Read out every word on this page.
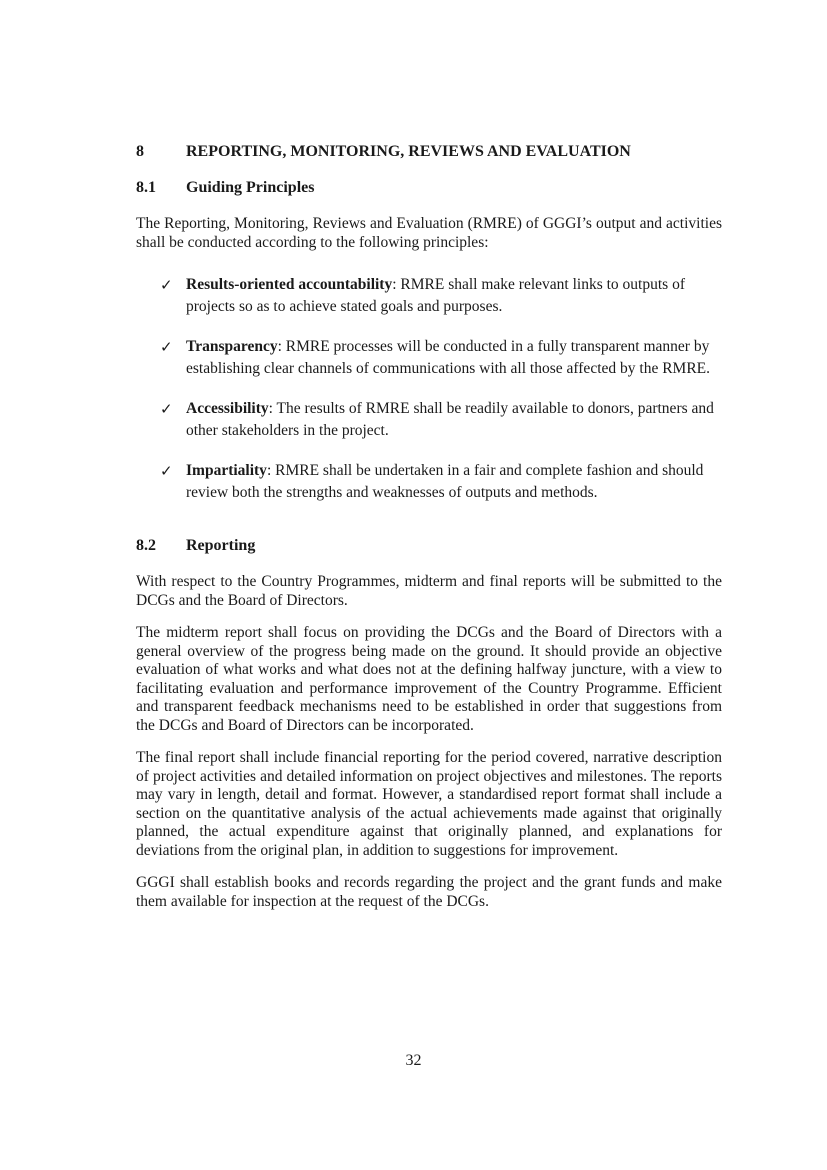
8	REPORTING, MONITORING, REVIEWS AND EVALUATION
8.1	Guiding Principles

The Reporting, Monitoring, Reviews and Evaluation (RMRE) of GGGI’s output and activities shall be conducted according to the following principles:

✓ Results-oriented accountability: RMRE shall make relevant links to outputs of projects so as to achieve stated goals and purposes.
✓ Transparency: RMRE processes will be conducted in a fully transparent manner by establishing clear channels of communications with all those affected by the RMRE.
✓ Accessibility: The results of RMRE shall be readily available to donors, partners and other stakeholders in the project.
✓ Impartiality: RMRE shall be undertaken in a fair and complete fashion and should review both the strengths and weaknesses of outputs and methods.
8.2	Reporting

With respect to the Country Programmes, midterm and final reports will be submitted to the DCGs and the Board of Directors.

The midterm report shall focus on providing the DCGs and the Board of Directors with a general overview of the progress being made on the ground. It should provide an objective evaluation of what works and what does not at the defining halfway juncture, with a view to facilitating evaluation and performance improvement of the Country Programme. Efficient and transparent feedback mechanisms need to be established in order that suggestions from the DCGs and Board of Directors can be incorporated.

The final report shall include financial reporting for the period covered, narrative description of project activities and detailed information on project objectives and milestones. The reports may vary in length, detail and format. However, a standardised report format shall include a section on the quantitative analysis of the actual achievements made against that originally planned, the actual expenditure against that originally planned, and explanations for deviations from the original plan, in addition to suggestions for improvement.

GGGI shall establish books and records regarding the project and the grant funds and make them available for inspection at the request of the DCGs.

32
